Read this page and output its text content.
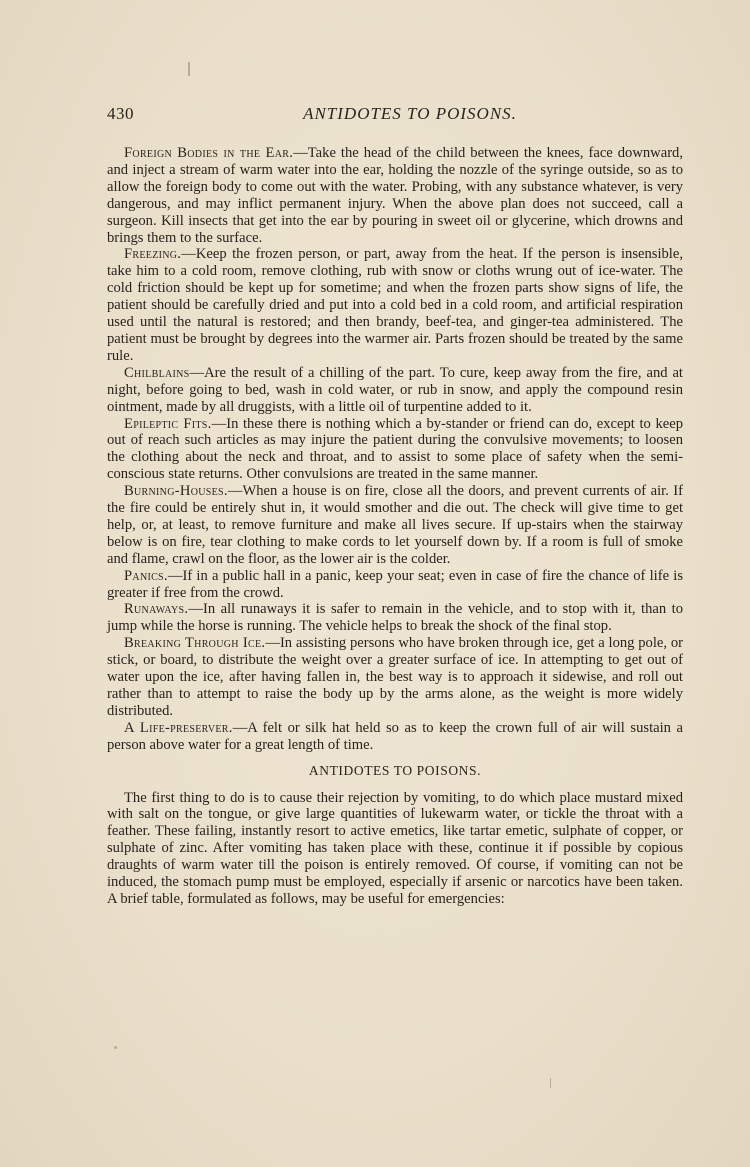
430	ANTIDOTES TO POISONS.

Foreign Bodies in the Ear.—Take the head of the child between the knees, face downward, and inject a stream of warm water into the ear, holding the nozzle of the syringe outside, so as to allow the foreign body to come out with the water. Probing, with any substance whatever, is very dangerous, and may inflict permanent injury. When the above plan does not succeed, call a surgeon. Kill insects that get into the ear by pouring in sweet oil or glycerine, which drowns and brings them to the surface.

Freezing.—Keep the frozen person, or part, away from the heat. If the person is insensible, take him to a cold room, remove clothing, rub with snow or cloths wrung out of ice-water. The cold friction should be kept up for sometime; and when the frozen parts show signs of life, the patient should be carefully dried and put into a cold bed in a cold room, and artificial respiration used until the natural is restored; and then brandy, beef-tea, and ginger-tea administered. The patient must be brought by degrees into the warmer air. Parts frozen should be treated by the same rule.

Chilblains—Are the result of a chilling of the part. To cure, keep away from the fire, and at night, before going to bed, wash in cold water, or rub in snow, and apply the compound resin ointment, made by all druggists, with a little oil of turpentine added to it.

Epileptic Fits.—In these there is nothing which a by-stander or friend can do, except to keep out of reach such articles as may injure the patient during the convulsive movements; to loosen the clothing about the neck and throat, and to assist to some place of safety when the semi-conscious state returns. Other convulsions are treated in the same manner.

Burning-Houses.—When a house is on fire, close all the doors, and prevent currents of air. If the fire could be entirely shut in, it would smother and die out. The check will give time to get help, or, at least, to remove furniture and make all lives secure. If up-stairs when the stairway below is on fire, tear clothing to make cords to let yourself down by. If a room is full of smoke and flame, crawl on the floor, as the lower air is the colder.

Panics.—If in a public hall in a panic, keep your seat; even in case of fire the chance of life is greater if free from the crowd.

Runaways.—In all runaways it is safer to remain in the vehicle, and to stop with it, than to jump while the horse is running. The vehicle helps to break the shock of the final stop.

Breaking Through Ice.—In assisting persons who have broken through ice, get a long pole, or stick, or board, to distribute the weight over a greater surface of ice. In attempting to get out of water upon the ice, after having fallen in, the best way is to approach it sidewise, and roll out rather than to attempt to raise the body up by the arms alone, as the weight is more widely distributed.

A Life-preserver.—A felt or silk hat held so as to keep the crown full of air will sustain a person above water for a great length of time.

ANTIDOTES TO POISONS.

The first thing to do is to cause their rejection by vomiting, to do which place mustard mixed with salt on the tongue, or give large quantities of lukewarm water, or tickle the throat with a feather. These failing, instantly resort to active emetics, like tartar emetic, sulphate of copper, or sulphate of zinc. After vomiting has taken place with these, continue it if possible by copious draughts of warm water till the poison is entirely removed. Of course, if vomiting can not be induced, the stomach pump must be employed, especially if arsenic or narcotics have been taken. A brief table, formulated as follows, may be useful for emergencies:
